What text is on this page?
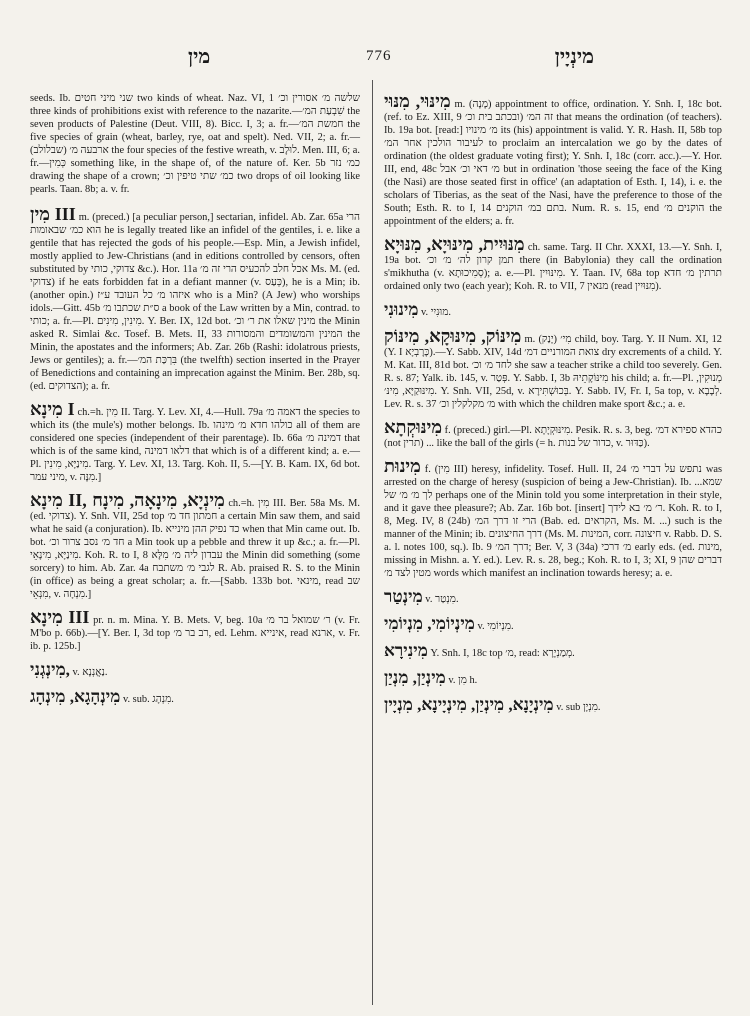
מין	776	מינְיָין

seeds. Ib. שני מיני חטים two kinds of wheat. Naz. VI, 1 שלשה מ׳ אסורין וכ׳ three kinds of prohibitions exist with reference to the nazarite.—שִׁבְעַת המ׳ the seven products of Palestine (Deut. VIII, 8). Bicc. I, 3; a. fr.—חמשת המ׳ the five species of grain (wheat, barley, rye, oat and spelt). Ned. VII, 2; a. fr.—(שבלולב) ארבעה מ׳ the four species of the festive wreath, v. לוּלָב. Men. III, 6; a. fr.—כְּמִין something like, in the shape of, of the nature of. Ker. 5b כמ׳ נזר drawing the shape of a crown; כמ׳ שתי טיפין וכ׳ two drops of oil looking like pearls. Taan. 8b; a. v. fr.

מִין III m. (preced.) [a peculiar person,] sectarian, infidel. Ab. Zar. 65a הרי הוא כמ׳ שבאומות he is legally treated like an infidel of the gentiles, i. e. like a gentile that has rejected the gods of his people.—Esp. Min, a Jewish infidel, mostly applied to Jew-Christians (and in editions controlled by censors, often substituted by צדוקי, כותי &c.). Hor. 11a אכל חלב להכעיס הרי זה מ׳ Ms. M. (ed. צדוקי) if he eats forbidden fat in a defiant manner (v. כְּעַס), he is a Min; ib. (another opin.) איזהו מ׳ כל העובד ע״ז who is a Min? (A Jew) who worships idols.—Gitt. 45b ס״ת שכתבו מ׳ a book of the Law written by a Min, contrad. to כותי; a. fr.—Pl. מִינִין, מִינִים. Y. Ber. IX, 12d bot. מינין שאלו את ר׳ וכ׳ the Minin asked R. Simlai &c. Tosef. B. Mets. II, 33 המינין והמשומדים והמסורות the Minin, the apostates and the informers; Ab. Zar. 26b (Rashi: idolatrous priests, Jews or gentiles); a. fr.—בִּרְכַּת המ׳ (the twelfth) section inserted in the Prayer of Benedictions and containing an imprecation against the Minim. Ber. 28b, sq. (ed. הצדוקים); a. fr.

מִינָא I ch.=h. מִין II. Targ. Y. Lev. XI, 4.—Hull. 79a דאמה מ׳ the species to which its (the mule's) mother belongs. Ib. כולהו חדא מ׳ מינהו all of them are considered one species (independent of their parentage). Ib. 66a דמינה מ׳ that which is of the same kind, דלאו דמינה that which is of a different kind; a. e.—Pl. מִינַיָּא, מִינִין. Targ. Y. Lev. XI, 13. Targ. Koh. II, 5.—[Y. B. Kam. IX, 6d bot. מיני עמר, v. מִנָּה.]

מִינָא II, מִינְיָא, מִינָאָה, מִינָח ch.=h. מִין III. Ber. 58a Ms. M. (ed. צדוקי). Y. Snh. VII, 25d top חמתון חד מ׳ a certain Min saw them, and said what he said (a conjuration). Ib. כד נפיק ההן מינייא when that Min came out. Ib. bot. חד מ׳ נסב צרור וכ׳ a Min took up a pebble and threw it up &c.; a. fr.—Pl. מִינַיָּא, מִינָאֵי. Koh. R. to I, 8 עבדון ליה מ׳ מִלָּא the Minin did something (some sorcery) to him. Ab. Zar. 4a לגבי מ׳ משתבח R. Ab. praised R. S. to the Minin (in office) as being a great scholar; a. fr.—[Sabb. 133b bot. מינאי, read שב מִנְאֵי, v. מִנְחָה.]

מִינָא III pr. n. m. Mina. Y. B. Mets. V, beg. 10a ר׳ שמואל בר מ׳ (v. Fr. M'bo p. 66b).—[Y. Ber. I, 3d top רב בר מ׳, ed. Lehm. אינייא, read ארנא, v. Fr. ib. p. 125b.]

מִינְגְנִי, v. נַאֲנְנָא.

מִינְהָגָא, מִינְהָג v. sub. מִנְהָג.

מִינּוּי, מִנּוּי m. (מָנָה) appointment to office, ordination. Y. Snh. I, 18c bot. (ref. to Ez. XIII, 9 ובכתב בית וכ׳) זה המ׳ that means the ordination (of teachers). Ib. 19a bot. [read:] מ׳ מינויו its (his) appointment is valid. Y. R. Hash. II, 58b top לעיבור הולכין אחר המ׳ to proclaim an intercalation we go by the dates of ordination (the oldest graduate voting first); Y. Snh. I, 18c (corr. acc.).—Y. Hor. III, end, 48c מ׳ דאי וכ׳ אבל but in ordination 'those seeing the face of the King (the Nasi) are those seated first in office' (an adaptation of Esth. I, 14), i. e. the scholars of Tiberias, as the seat of the Nasi, have the preference to those of the South; Esth. R. to I, 14 בתם במ׳ הוקנים. Num. R. s. 15, end הוקנים מ׳ the appointment of the elders; a. fr.

מִנּוּיִית, מִינּוּיָא, מִנּוּיָא ch. same. Targ. II Chr. XXXI, 13.—Y. Snh. I, 19a bot. תמן קרון לה׳ מ׳ וכ׳ there (in Babylonia) they call the ordination s'mikhutha (v. סְמִיכוּתָא); a. e.—Pl. מִינּוּיִין. Y. Taan. IV, 68a top תרתין מ׳ חדא ordained only two (each year); Koh. R. to VII, 7 מנאין (read מִנּוּיִין).

מִינוּנִי v. מוּנִיִי.

מִינּוֹק, מִינּוּקָא, מִינּוֹק m. מִי׳ (יָנַק) child, boy. Targ. Y. II Num. XI, 12 (Y. I כָּרָבְיָא).—Y. Sabb. XIV, 14d צואת המורניים דמ׳ dry excrements of a child. Y. M. Kat. III, 81d bot. לחד מ׳ וכ׳ she saw a teacher strike a child too severely. Gen. R. s. 87; Yalk. ib. 145, v. פְּטַר. Y. Sabb. I, 3b מִינּוֹקָתֵיהּ his child; a. fr.—Pl. מְנוּקִין, מִינּוּקַיָּא, מִינּ׳. Y. Snh. VII, 25d, v. בְּכוּשְׁתִּירָא. Y. Sabb. IV, Fr. I, 5a top, v. לְבָבָא. Lev. R. s. 37 מ׳ מקלקלין וכ׳ with which the children make sport &c.; a. e.

מִינּוּקְתָא f. (preced.) girl.—Pl. מִינּוּקְיָתָא. Pesik. R. s. 3, beg. כהדא ספירא דמ׳ (not תרין) ... like the ball of the girls (= h. כדור של בנות, v. כַּדּוּר).

מִינוּת f. (מִין III) heresy, infidelity. Tosef. Hull. II, 24 נתפש על דברי מ׳ was arrested on the charge of heresy (suspicion of being a Jew-Christian). Ib. ...שמא לך מ׳ מ׳ של perhaps one of the Minin told you some interpretation in their style, and it gave thee pleasure?; Ab. Zar. 16b bot. [insert] ר׳ מ׳ בא לידך. Koh. R. to I, 8, Meg. IV, 8 (24b) הרי זו דרך המ׳ (Bab. ed. הקראים, Ms. M. ...) such is the manner of the Minin; ib. דרך החיצונים (Ms. M. המינות, corr. חיצונה v. Rabb. D. S. a. l. notes 100, sq.). Ib. 9 דרך המ׳; Ber. V, 3 (34a) מ׳ דרכי early eds. (ed. מינות, missing in Mishn. a. Y. ed.). Lev. R. s. 28, beg.; Koh. R. to I, 3; XI, 9 דברים שהן מטין לצד מ׳ words which manifest an inclination towards heresy; a. e.

מִינְטַר v. מִנְטַר.

מִינְיוֹמִי, מִנְיוֹמִי v. מִנְיוֹמִי.

מִינִירָא Y. Snh. I, 18c top מ׳, read: מְמַנְיָרָא.

מִינְיַן, מִנְיַן v. מִן h.

מִינְיָנָא, מִינְיַן, מִינְיָינָא, מִנְיָין v. sub מִנְיָן.
